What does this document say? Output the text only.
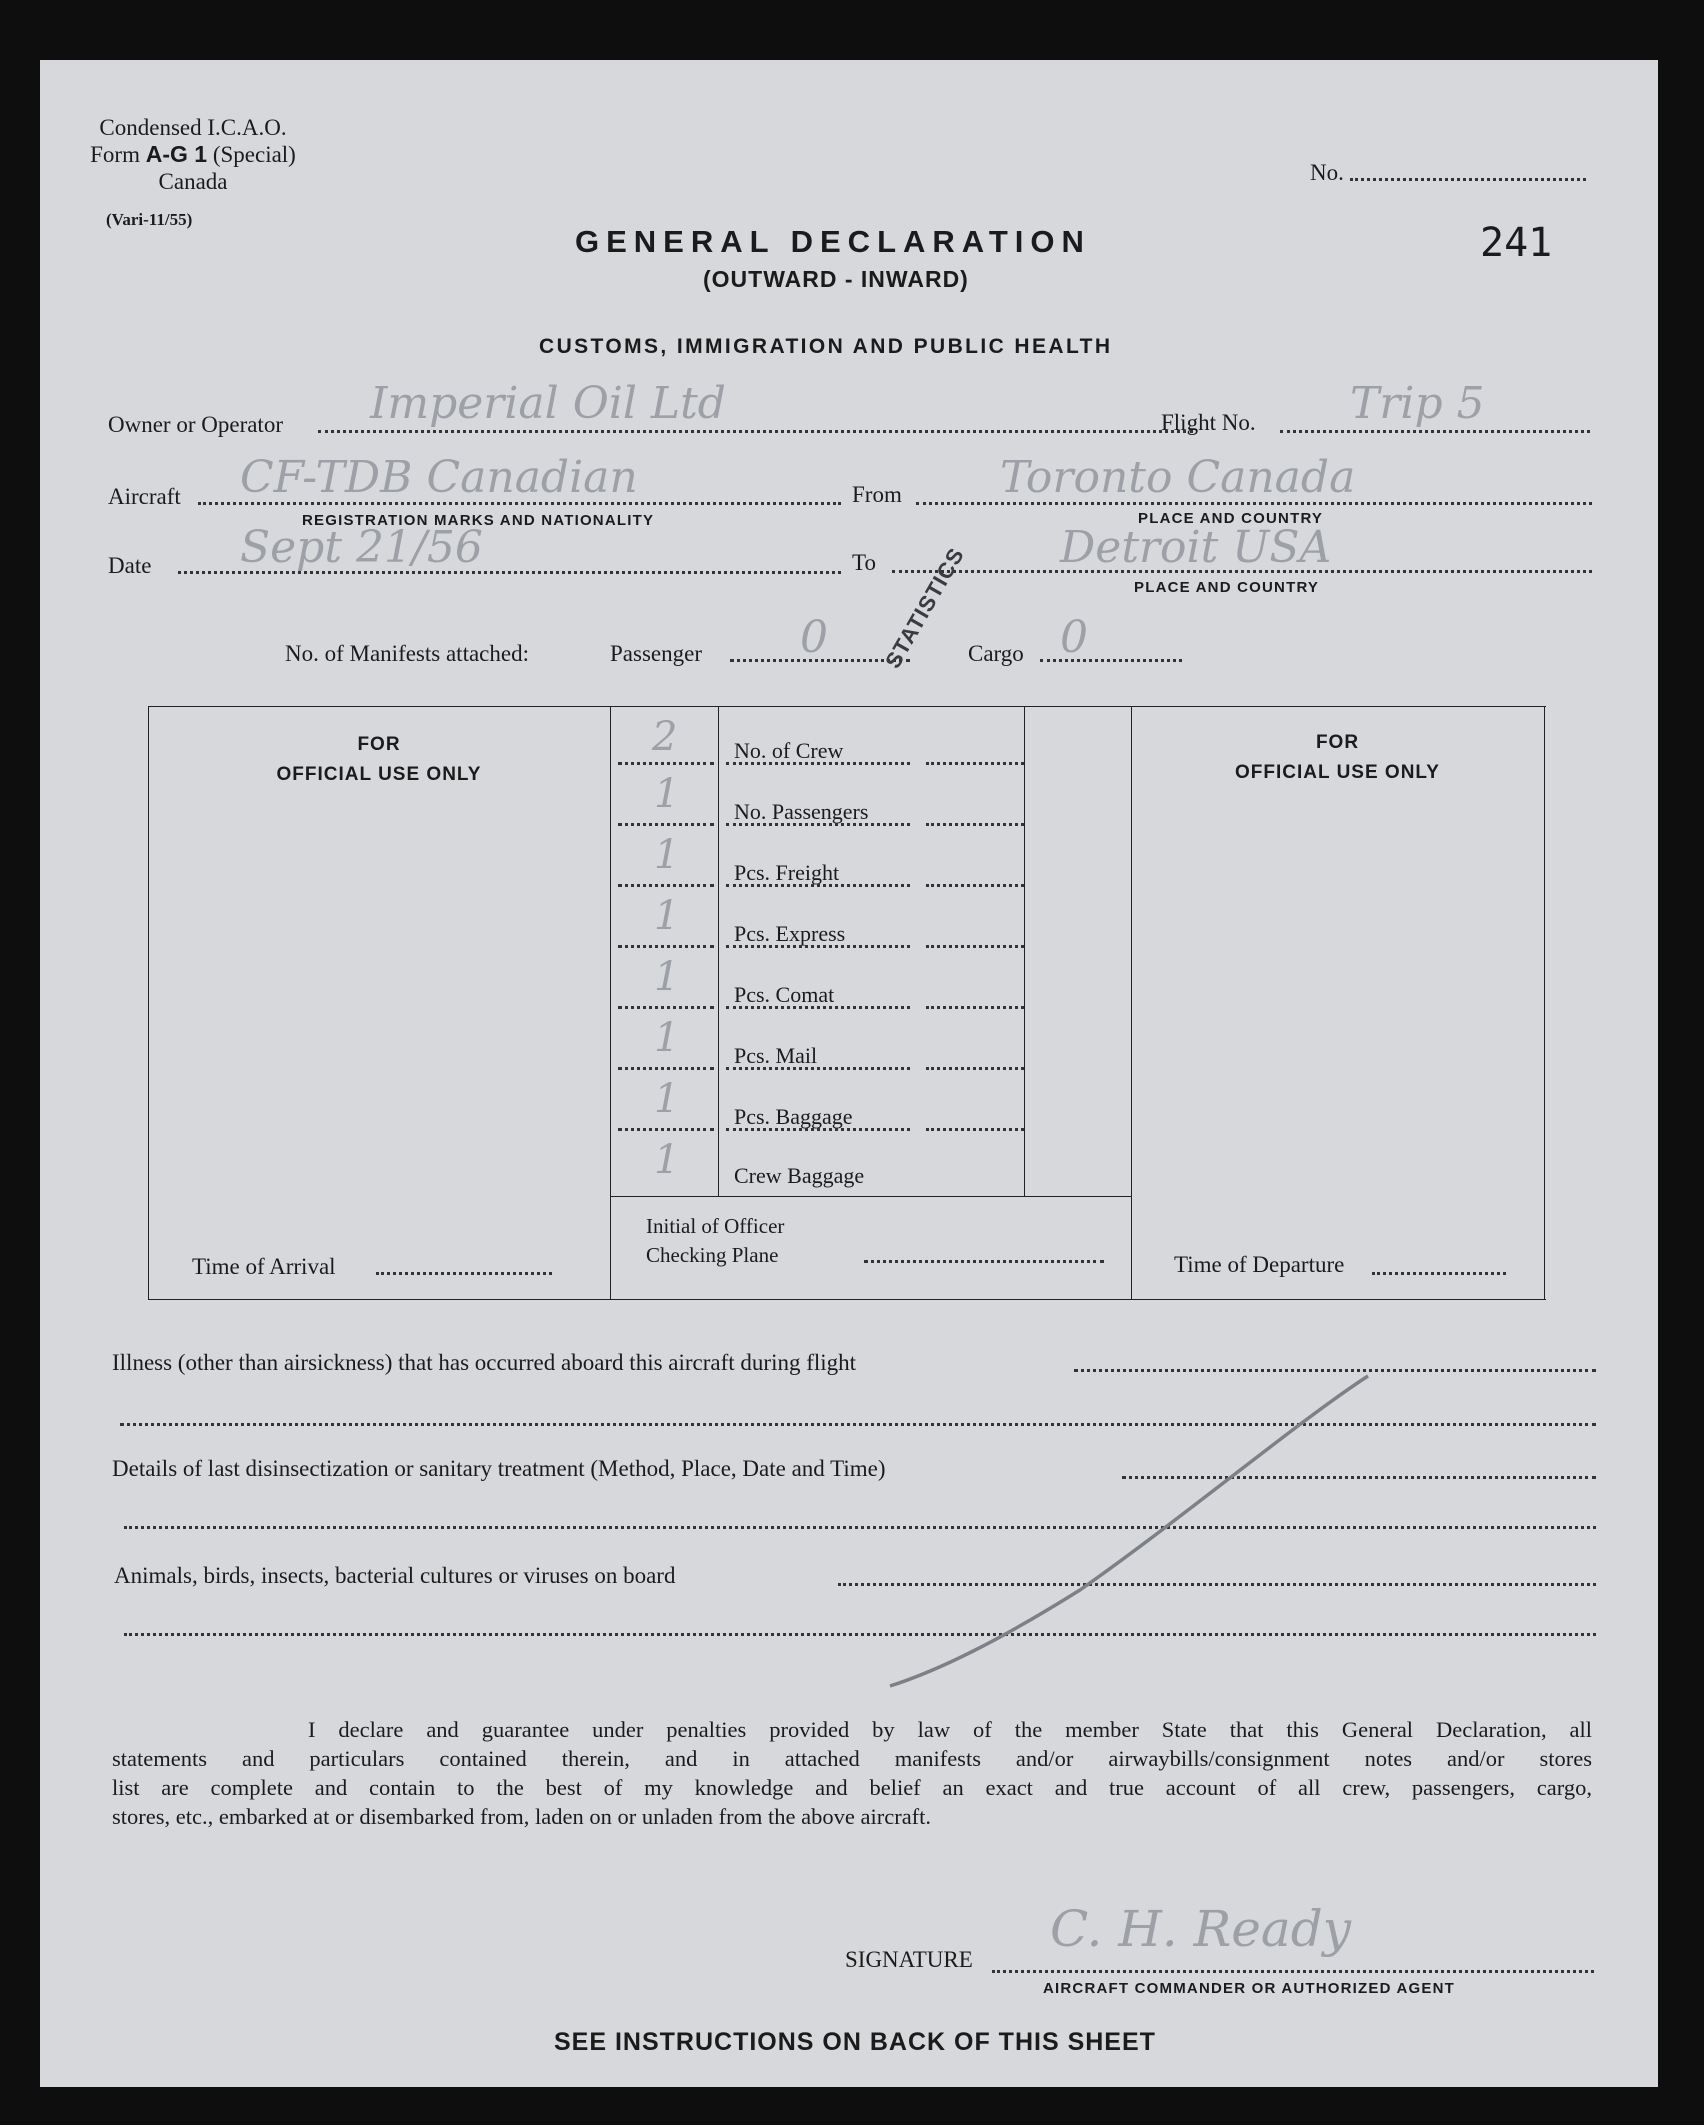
Condensed I.C.A.O.
Form A-G 1 (Special)
Canada
(Vari-11/55)
No.
241
GENERAL DECLARATION
(OUTWARD - INWARD)
CUSTOMS, IMMIGRATION AND PUBLIC HEALTH
Owner or Operator Imperial Oil Ltd	Flight No. Trip 5
Aircraft CF-TDB Canadian
REGISTRATION MARKS AND NATIONALITY
From Toronto Canada
PLACE AND COUNTRY
Date Sept 21/56	To	Detroit USA
PLACE AND COUNTRY
No. of Manifests attached:	Passenger 0	Cargo 0
STATISTICS
FOR
OFFICIAL USE ONLY
FOR
OFFICIAL USE ONLY
2	No. of Crew
1 No. Passengers
1 Pcs. Freight
1 Pcs. Express
1 Pcs. Comat
1 Pcs. Mail
1 Pcs. Baggage
1 Crew Baggage
Time of Arrival
Initial of Officer
Checking Plane	Time of Departure
Illness (other than airsickness) that has occurred aboard this aircraft during flight
Details of last disinsectization or sanitary treatment (Method, Place, Date and Time)
Animals, birds, insects, bacterial cultures or viruses on board
I declare and guarantee under penalties provided by law of the member State that this General Declaration, all
statements and particulars contained therein, and in attached manifests and/or airwaybills/consignment notes and/or stores
list are complete and contain to the best of my knowledge and belief an exact and true account of all crew, passengers, cargo,
stores, etc., embarked at or disembarked from, laden on or unladen from the above aircraft.
SIGNATURE
C. H. Ready
AIRCRAFT COMMANDER OR AUTHORIZED AGENT
SEE INSTRUCTIONS ON BACK OF THIS SHEET
